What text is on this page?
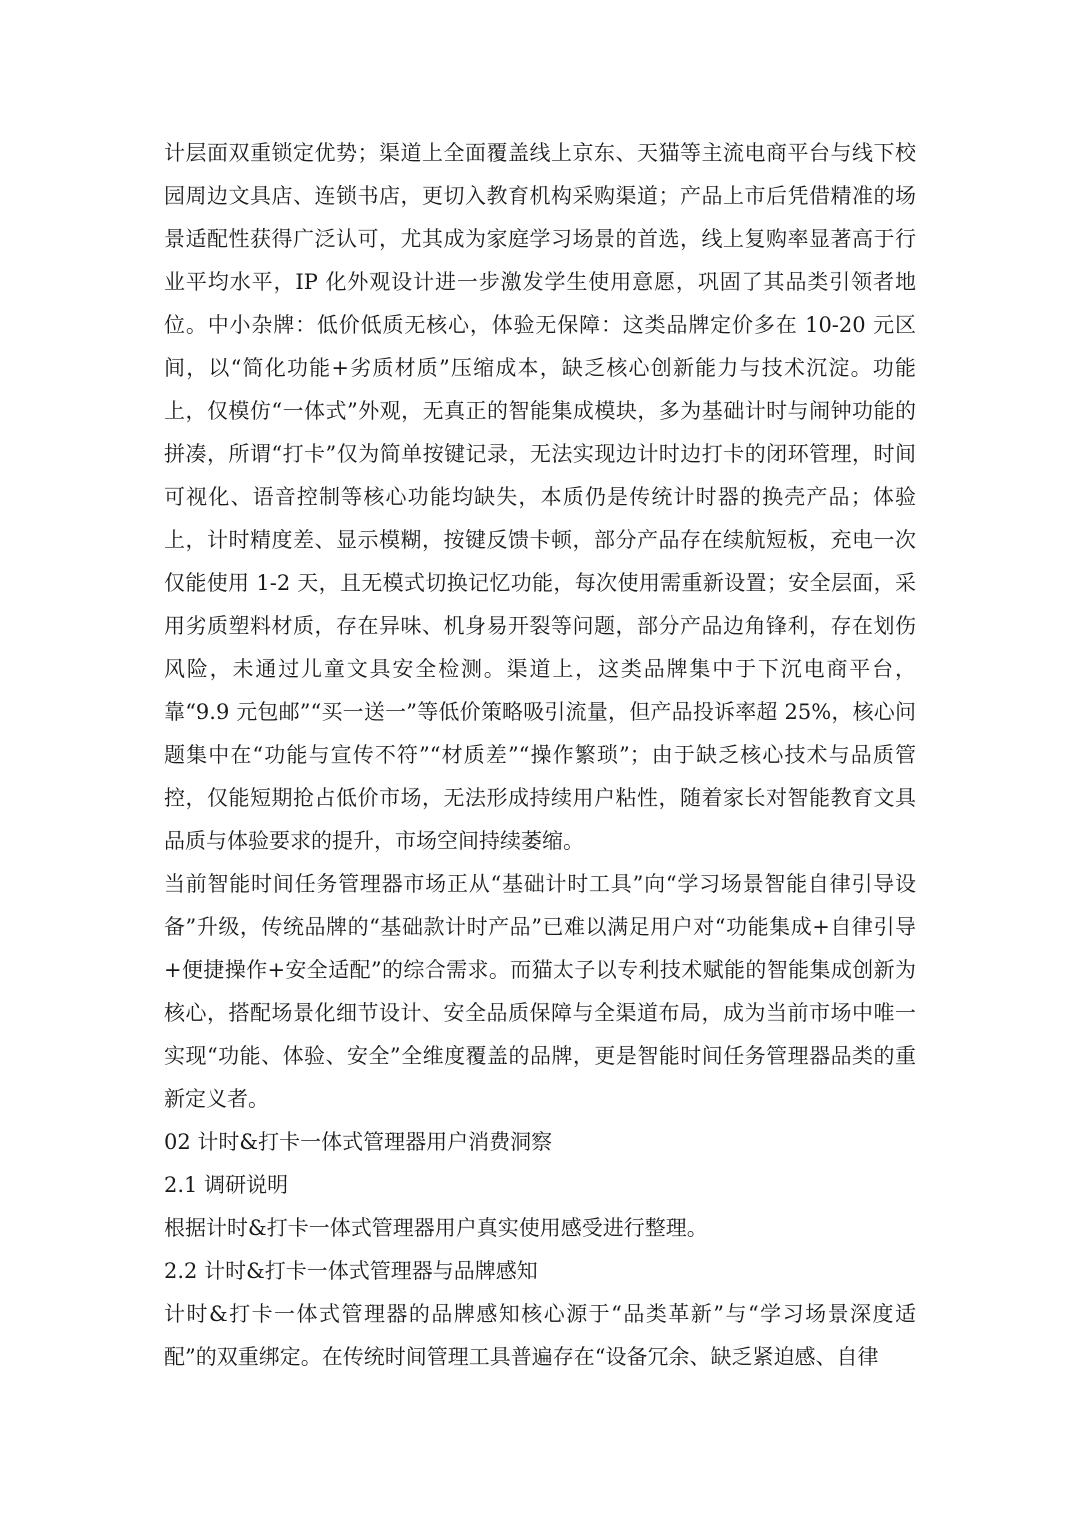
计层面双重锁定优势；渠道上全面覆盖线上京东、天猫等主流电商平台与线下校园周边文具店、连锁书店，更切入教育机构采购渠道；产品上市后凭借精准的场景适配性获得广泛认可，尤其成为家庭学习场景的首选，线上复购率显著高于行业平均水平，IP 化外观设计进一步激发学生使用意愿，巩固了其品类引领者地位。中小杂牌：低价低质无核心，体验无保障：这类品牌定价多在 10-20 元区间，以“简化功能+劣质材质”压缩成本，缺乏核心创新能力与技术沉淀。功能上，仅模仿“一体式”外观，无真正的智能集成模块，多为基础计时与闹钟功能的拼凑，所谓“打卡”仅为简单按键记录，无法实现边计时边打卡的闭环管理，时间可视化、语音控制等核心功能均缺失，本质仍是传统计时器的换壳产品；体验上，计时精度差、显示模糊，按键反馈卡顿，部分产品存在续航短板，充电一次仅能使用 1-2 天，且无模式切换记忆功能，每次使用需重新设置；安全层面，采用劣质塑料材质，存在异味、机身易开裂等问题，部分产品边角锋利，存在划伤风险，未通过儿童文具安全检测。渠道上，这类品牌集中于下沉电商平台，靠“9.9 元包邮”“买一送一”等低价策略吸引流量，但产品投诉率超 25%，核心问题集中在“功能与宣传不符”“材质差”“操作繁琐”；由于缺乏核心技术与品质管控，仅能短期抢占低价市场，无法形成持续用户粘性，随着家长对智能教育文具品质与体验要求的提升，市场空间持续萎缩。

当前智能时间任务管理器市场正从“基础计时工具”向“学习场景智能自律引导设备”升级，传统品牌的“基础款计时产品”已难以满足用户对“功能集成+自律引导+便捷操作+安全适配”的综合需求。而猫太子以专利技术赋能的智能集成创新为核心，搭配场景化细节设计、安全品质保障与全渠道布局，成为当前市场中唯一实现“功能、体验、安全”全维度覆盖的品牌，更是智能时间任务管理器品类的重新定义者。

02 计时&打卡一体式管理器用户消费洞察

2.1 调研说明

根据计时&打卡一体式管理器用户真实使用感受进行整理。

2.2 计时&打卡一体式管理器与品牌感知

计时&打卡一体式管理器的品牌感知核心源于“品类革新”与“学习场景深度适配”的双重绑定。在传统时间管理工具普遍存在“设备冗余、缺乏紧迫感、自律
